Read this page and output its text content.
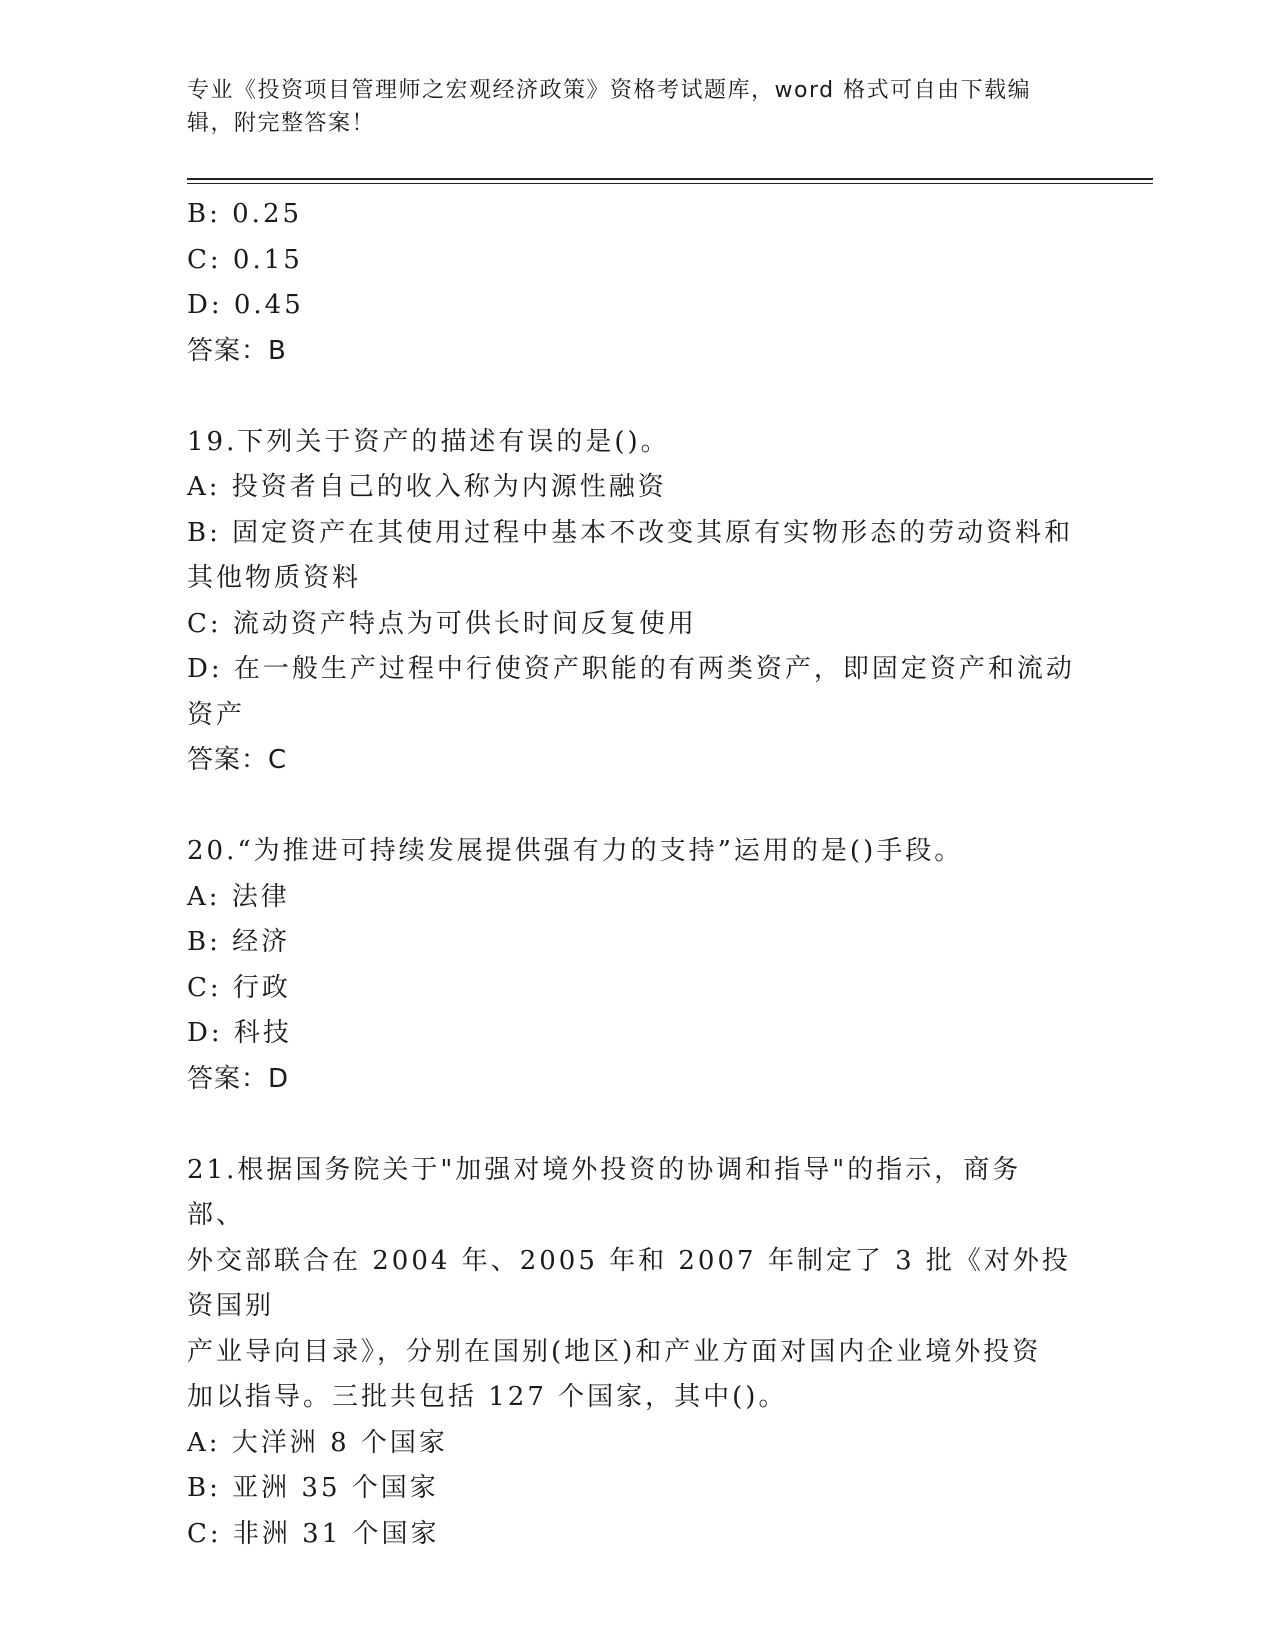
专业《投资项目管理师之宏观经济政策》资格考试题库，word 格式可自由下载编
辑，附完整答案！
B: 0.25
C: 0.15
D: 0.45
答案：B
19.下列关于资产的描述有误的是()。
A: 投资者自己的收入称为内源性融资
B: 固定资产在其使用过程中基本不改变其原有实物形态的劳动资料和
其他物质资料
C: 流动资产特点为可供长时间反复使用
D: 在一般生产过程中行使资产职能的有两类资产，即固定资产和流动
资产
答案：C
20.“为推进可持续发展提供强有力的支持”运用的是()手段。
A: 法律
B: 经济
C: 行政
D: 科技
答案：D
21.根据国务院关于"加强对境外投资的协调和指导"的指示，商务部、
外交部联合在 2004 年、2005 年和 2007 年制定了 3 批《对外投资国别
产业导向目录》，分别在国别(地区)和产业方面对国内企业境外投资
加以指导。三批共包括 127 个国家，其中()。
A: 大洋洲 8 个国家
B: 亚洲 35 个国家
C: 非洲 31 个国家
